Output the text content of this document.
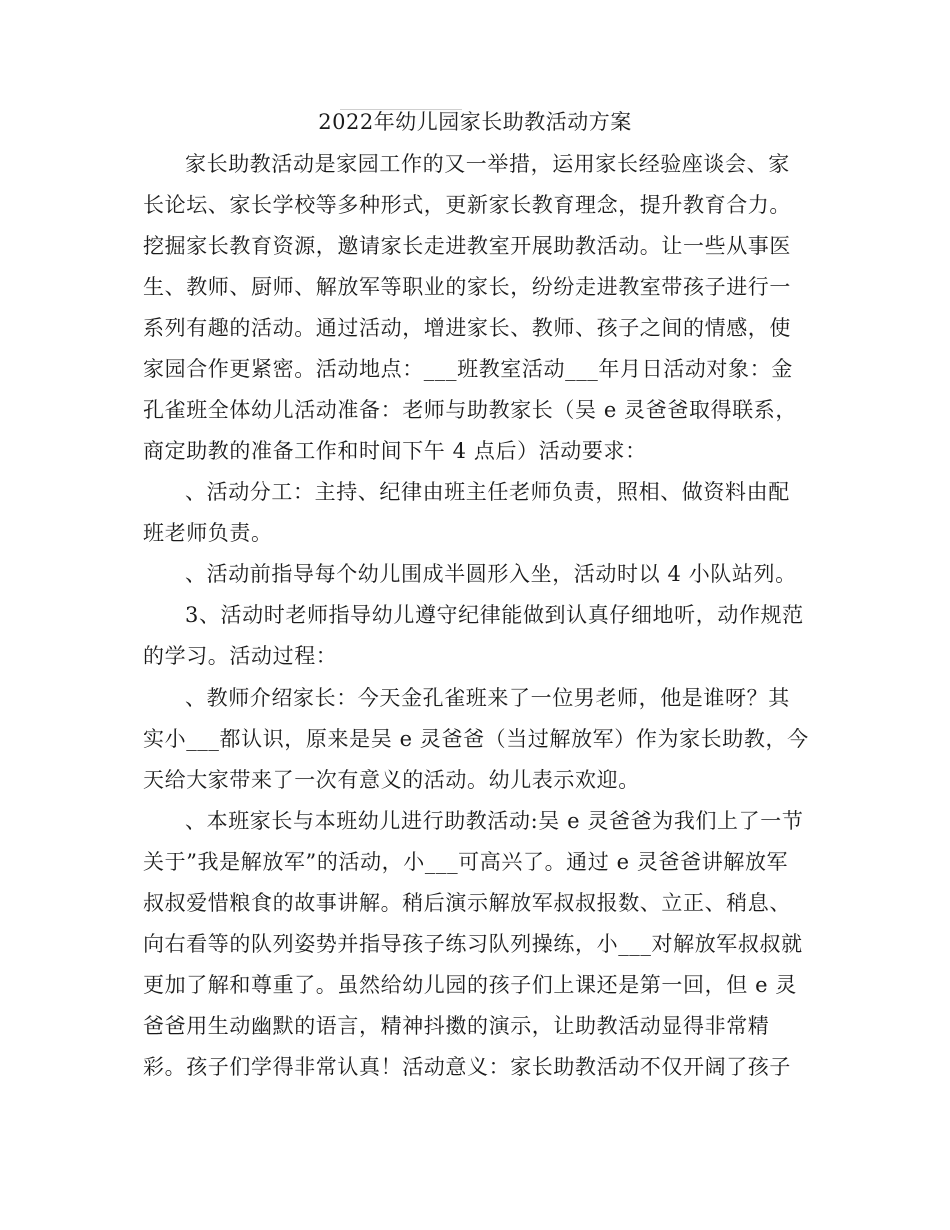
2022年幼儿园家长助教活动方案
家长助教活动是家园工作的又一举措，运用家长经验座谈会、家
长论坛、家长学校等多种形式，更新家长教育理念，提升教育合力。
挖掘家长教育资源，邀请家长走进教室开展助教活动。让一些从事医
生、教师、厨师、解放军等职业的家长，纷纷走进教室带孩子进行一
系列有趣的活动。通过活动，增进家长、教师、孩子之间的情感，使
家园合作更紧密。活动地点：___班教室活动___年月日活动对象：金
孔雀班全体幼儿活动准备：老师与助教家长（吴 e 灵爸爸取得联系，
商定助教的准备工作和时间下午 4 点后）活动要求：
、活动分工：主持、纪律由班主任老师负责，照相、做资料由配
班老师负责。
、活动前指导每个幼儿围成半圆形入坐，活动时以 4 小队站列。
3、活动时老师指导幼儿遵守纪律能做到认真仔细地听，动作规范
的学习。活动过程：
、教师介绍家长：今天金孔雀班来了一位男老师，他是谁呀？其
实小___都认识，原来是吴 e 灵爸爸（当过解放军）作为家长助教，今
天给大家带来了一次有意义的活动。幼儿表示欢迎。
、本班家长与本班幼儿进行助教活动:吴 e 灵爸爸为我们上了一节
关于”我是解放军”的活动，小___可高兴了。通过 e 灵爸爸讲解放军
叔叔爱惜粮食的故事讲解。稍后演示解放军叔叔报数、立正、稍息、
向右看等的队列姿势并指导孩子练习队列操练，小___对解放军叔叔就
更加了解和尊重了。虽然给幼儿园的孩子们上课还是第一回，但 e 灵
爸爸用生动幽默的语言，精神抖擞的演示，让助教活动显得非常精
彩。孩子们学得非常认真！活动意义：家长助教活动不仅开阔了孩子
